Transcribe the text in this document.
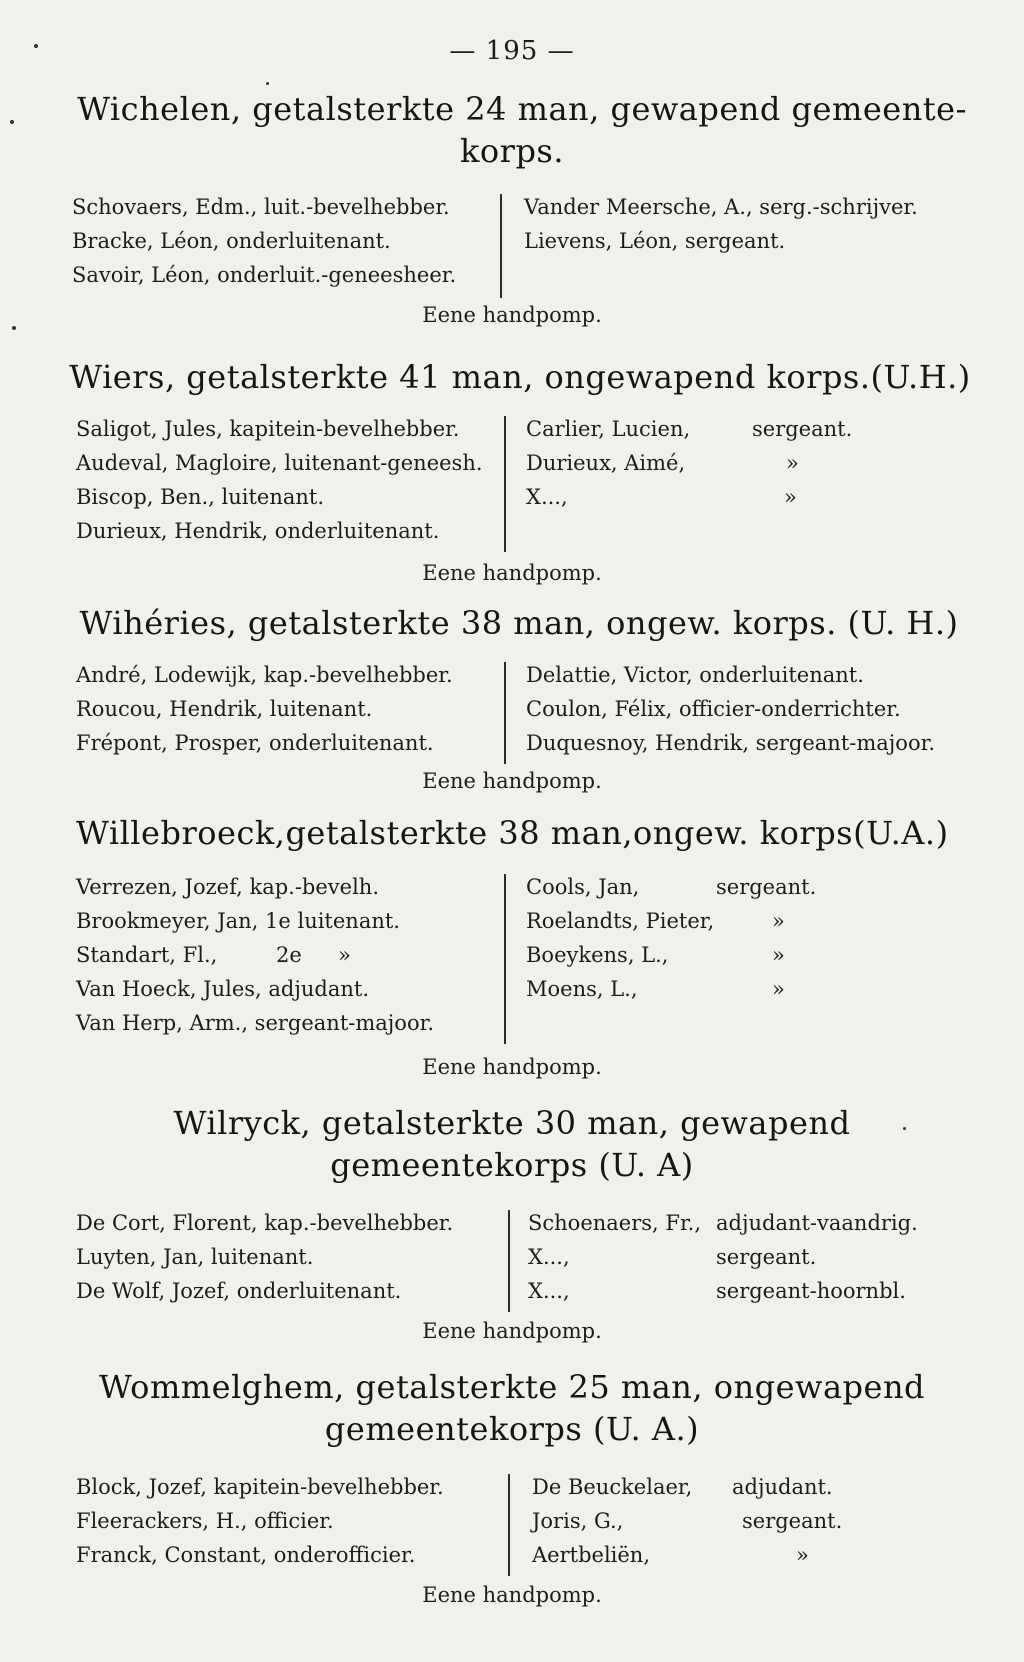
— 195 —
Wichelen, getalsterkte 24 man, gewapend gemeente-
korps.
Schovaers, Edm., luit.-bevelhebber.
Bracke, Léon, onderluitenant.
Savoir, Léon, onderluit.-geneesheer.
Vander Meersche, A., serg.-schrijver.
Lievens, Léon, sergeant.
Eene handpomp.
Wiers, getalsterkte 41 man, ongewapend korps.(U.H.)
Saligot, Jules, kapitein-bevelhebber.
Audeval, Magloire, luitenant-geneesh.
Biscop, Ben., luitenant.
Durieux, Hendrik, onderluitenant.
Carlier, Lucien,	sergeant.
Durieux, Aimé,	»
X...,	»
Eene handpomp.
Wihéries, getalsterkte 38 man, ongew. korps. (U. H.)
André, Lodewijk, kap.-bevelhebber.
Roucou, Hendrik, luitenant.
Frépont, Prosper, onderluitenant.
Delattie, Victor, onderluitenant.
Coulon, Félix, officier-onderrichter.
Duquesnoy, Hendrik, sergeant-majoor.
Eene handpomp.
Willebroeck,getalsterkte 38 man,ongew. korps(U.A.)
Verrezen, Jozef, kap.-bevelh.
Brookmeyer, Jan, 1e luitenant.
Standart, Fl.,	2e »
Van Hoeck, Jules, adjudant.
Van Herp, Arm., sergeant-majoor.
Cools, Jan,	sergeant.
Roelandts, Pieter,	»
Boeykens, L.,	»
Moens, L.,	»
Eene handpomp.
Wilryck, getalsterkte 30 man, gewapend
gemeentekorps (U. A)
De Cort, Florent, kap.-bevelhebber.
Luyten, Jan, luitenant.
De Wolf, Jozef, onderluitenant.
Schoenaers, Fr., adjudant-vaandrig.
X...,	sergeant.
X...,	sergeant-hoornbl.
Eene handpomp.
Wommelghem, getalsterkte 25 man, ongewapend
gemeentekorps (U. A.)
Block, Jozef, kapitein-bevelhebber.
Fleerackers, H., officier.
Franck, Constant, onderofficier.
De Beuckelaer, adjudant.
Joris, G.,	sergeant.
Aertbeliën,	»
Eene handpomp.
